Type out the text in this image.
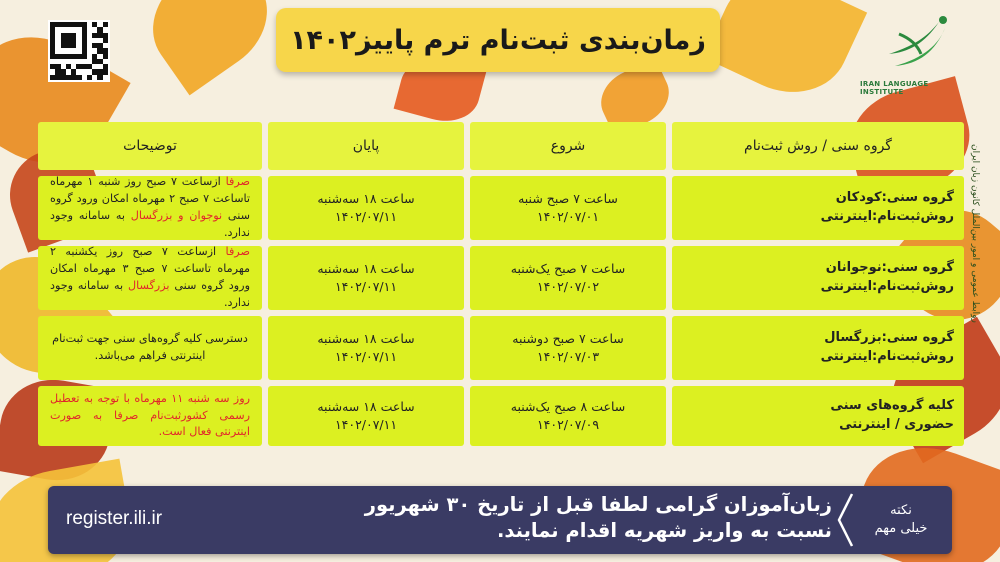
زمان‌بندی ثبت‌نام ترم پاییز۱۴۰۲
IRAN LANGUAGE INSTITUTE
روابط عمومی و امور بین‌الملل کانون زبان ایران
گروه سنی / روش ثبت‌نام
شروع
پایان
توضیحات
گروه سنی:کودکان
روش‌ثبت‌نام:اینترنتی
ساعت ۷ صبح شنبه
۱۴۰۲/۰۷/۰۱
ساعت ۱۸ سه‌شنبه
۱۴۰۲/۰۷/۱۱

صرفا ازساعت ۷ صبح روز شنبه ۱ مهرماه تاساعت ۷ صبح ۲ مهرماه امکان ورود گروه سنی نوجوان و بزرگسال به سامانه وجود ندارد.

گروه سنی:نوجوانان
روش‌ثبت‌نام:اینترنتی
ساعت ۷ صبح یک‌شنبه
۱۴۰۲/۰۷/۰۲
ساعت ۱۸ سه‌شنبه
۱۴۰۲/۰۷/۱۱

صرفا ازساعت ۷ صبح روز یکشنبه ۲ مهرماه تاساعت ۷ صبح ۳ مهرماه امکان ورود گروه سنی بزرگسال به سامانه وجود ندارد.

گروه سنی:بزرگسال
روش‌ثبت‌نام:اینترنتی
ساعت ۷ صبح دوشنبه
۱۴۰۲/۰۷/۰۳
ساعت ۱۸ سه‌شنبه
۱۴۰۲/۰۷/۱۱

دسترسی کلیه گروه‌های سنی جهت ثبت‌نام اینترنتی فراهم می‌باشد.

کلیه گروه‌های سنی
حضوری / اینترنتی
ساعت ۸ صبح یک‌شنبه
۱۴۰۲/۰۷/۰۹
ساعت ۱۸ سه‌شنبه
۱۴۰۲/۰۷/۱۱

روز سه شنبه ۱۱ مهرماه با توجه به تعطیل رسمی کشورثبت‌نام صرفا به صورت اینترنتی فعال است.

نکته
خیلی مهم
زبان‌آموزان گرامی لطفا قبل از تاریخ ۳۰ شهریور
نسبت به واریز شهریه اقدام نمایند.
register.ili.ir
